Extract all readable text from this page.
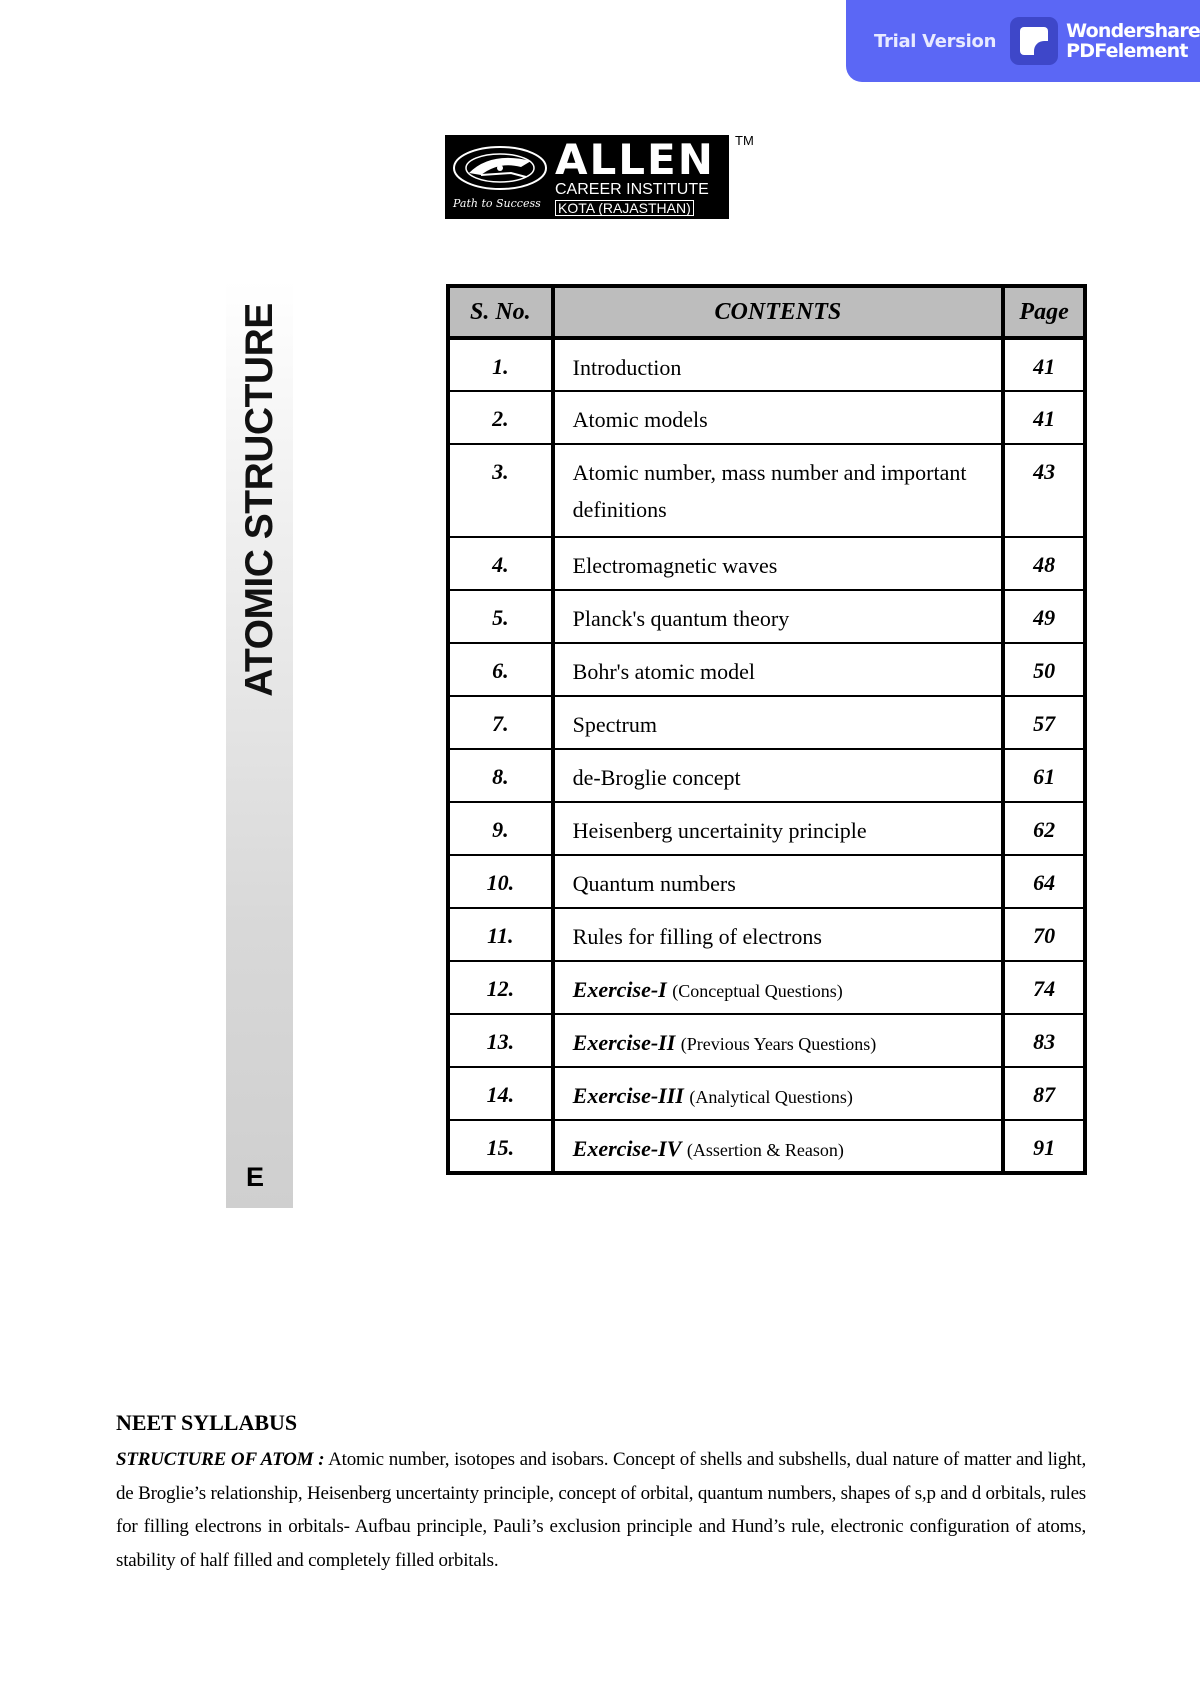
Trial Version	Wondershare
PDFelement
Path to Success
ALLEN
CAREER INSTITUTE
KOTA (RAJASTHAN)
TM
ATOMIC STRUCTURE
E
S. No.	CONTENTS	Page
1.	Introduction	41
2.	Atomic models	41
3.	Atomic number, mass number and important definitions	43
4.	Electromagnetic waves	48
5.	Planck's quantum theory	49
6.	Bohr's atomic model	50
7.	Spectrum	57
8.	de-Broglie concept	61
9.	Heisenberg uncertainity principle	62
10.	Quantum numbers	64
11.	Rules for filling of electrons	70
12.	Exercise-I (Conceptual Questions)	74
13.	Exercise-II (Previous Years Questions)	83
14.	Exercise-III (Analytical Questions)	87
15.	Exercise-IV (Assertion & Reason)	91
NEET SYLLABUS
STRUCTURE OF ATOM : Atomic number, isotopes and isobars. Concept of shells and subshells, dual nature of matter and light, de Broglie’s relationship, Heisenberg uncertainty principle, concept of orbital, quantum numbers, shapes of s,p and d orbitals, rules for filling electrons in orbitals- Aufbau principle, Pauli’s exclusion principle and Hund’s rule, electronic configuration of atoms, stability of half filled and completely filled orbitals.
